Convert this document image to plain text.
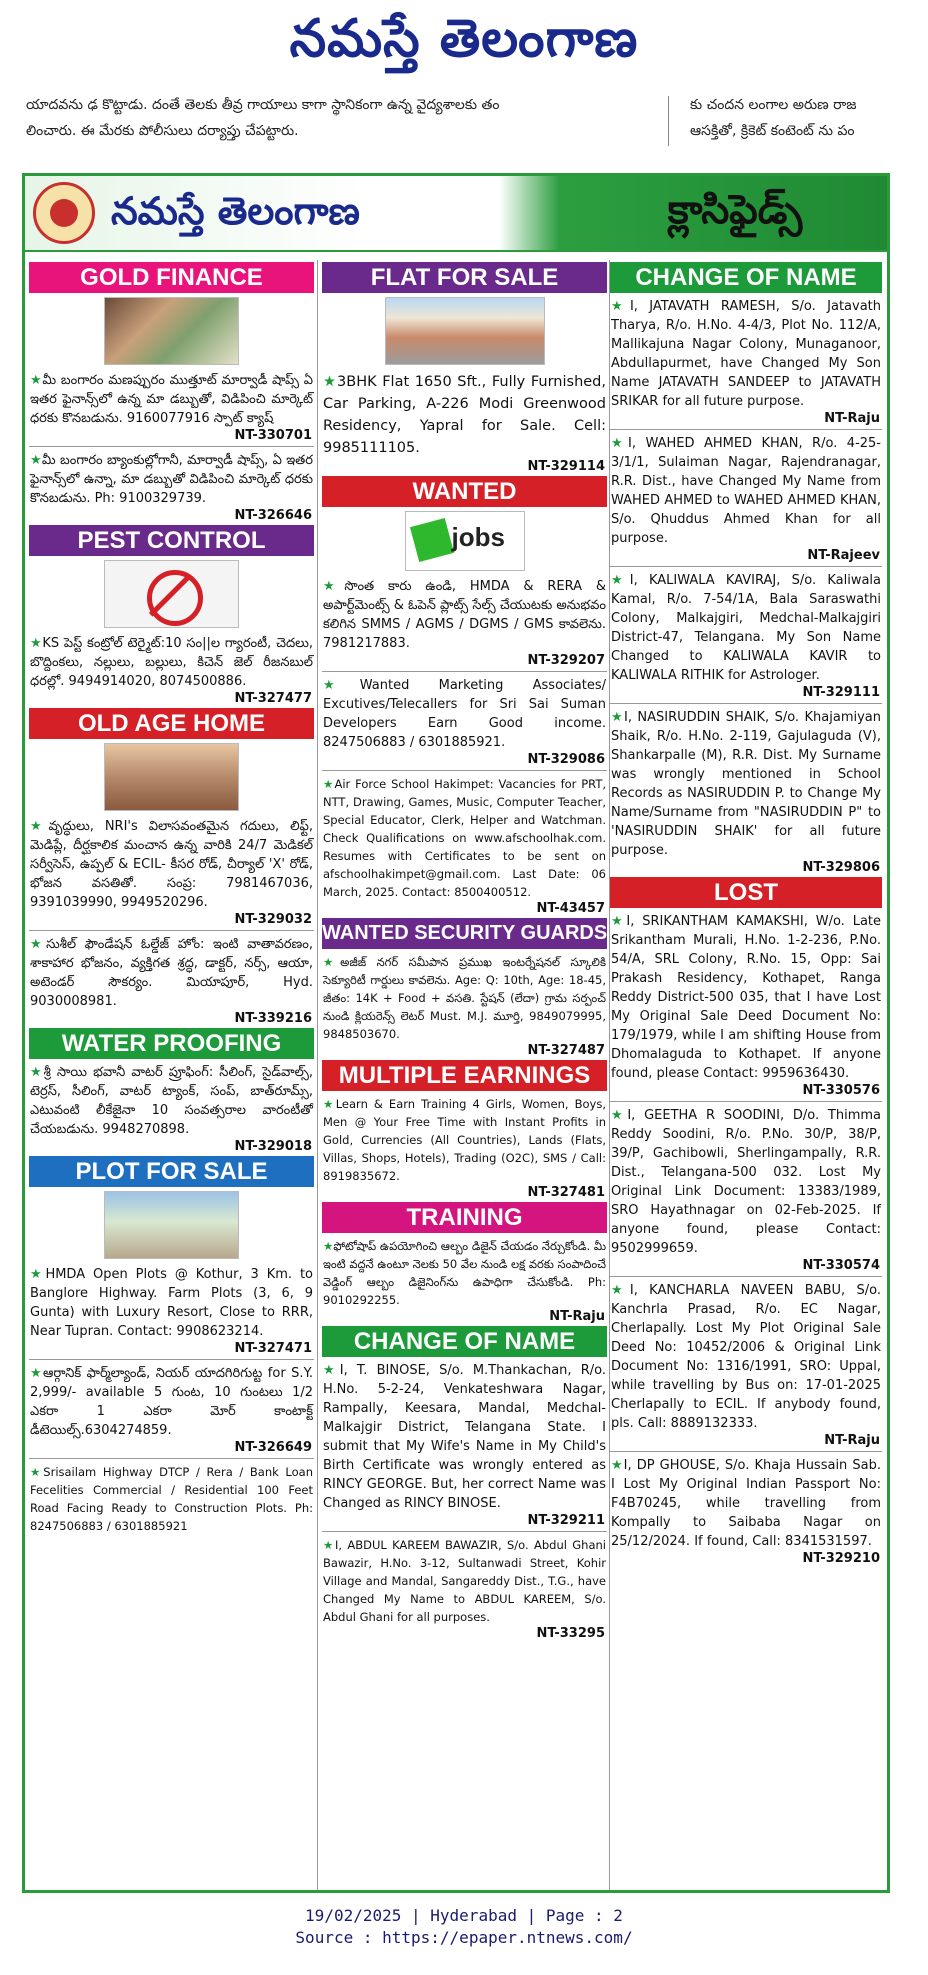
నమస్తే తెలంగాణ
యాదవను ఢ కొట్టాడు. దంతే తెలకు తీవ్ర గాయాలు కాగా స్థానికంగా ఉన్న వైద్యశాలకు తం
లించారు. ఈ మేరకు పోలీసులు దర్యాప్తు చేపట్టారు.
కు చందన లంగాల అరుణ రాజ
ఆసక్తితో, క్రికెట్ కంటెంట్ ను పం
నమస్తే తెలంగాణ	క్లాసిఫైడ్స్
GOLD FINANCE
★మీ బంగారం మణప్పురం ముత్తూట్ మార్వాడీ షాప్స్ ఏ ఇతర ఫైనాన్స్‌లో ఉన్న మా డబ్బుతో, విడిపించి మార్కెట్ ధరకు కొనబడును. 9160077916 స్పాట్ క్యాష్
NT-330701
★మీ బంగారం బ్యాంకుల్లోగానీ, మార్వాడీ షాప్స్, ఏ ఇతర ఫైనాన్స్‌లో ఉన్నా, మా డబ్బుతో విడిపించి మార్కెట్ ధరకు కొనబడును. Ph: 9100329739.
NT-326646
PEST CONTROL
★KS పెస్ట్ కంట్రోల్ టెర్మైట్:10 సం||ల గ్యారంటీ, చెదలు, బొద్దింకలు, నల్లులు, బల్లులు, కిచెన్ జెల్ రీజనబుల్ ధరల్లో. 9494914020, 8074500886.
NT-327477
OLD AGE HOME
★వృద్ధులు, NRI's విలాసవంతమైన గదులు, లిఫ్ట్, మెడిప్లే, దీర్ఘకాలిక మంచాన ఉన్న వారికి 24/7 మెడికల్ సర్వీసెస్, ఉప్పల్ & ECIL- కీసర రోడ్, చీర్యాల్ 'X' రోడ్, భోజన వసతితో. సంప్ర: 7981467036, 9391039990, 9949520296.
NT-329032
★సుశీల్ ఫౌండేషన్ ఓల్డేజ్ హోం: ఇంటి వాతావరణం, శాకాహార భోజనం, వ్యక్తిగత శ్రద్ధ, డాక్టర్, నర్స్, ఆయా, అటెండర్ సౌకర్యం. మియాపూర్, Hyd. 9030008981.
NT-339216
WATER PROOFING
★శ్రీ సాయి భవానీ వాటర్ ప్రూఫింగ్: సీలింగ్, సైడ్‌వాల్స్, టెర్రస్, సీలింగ్, వాటర్ ట్యాంక్, సంప్, బాత్‌రూమ్స్, ఎటువంటి లీకేజైనా 10 సంవత్సరాల వారంటీతో చేయబడును. 9948270898.
NT-329018
PLOT FOR SALE
★HMDA Open Plots @ Kothur, 3 Km. to Banglore Highway. Farm Plots (3, 6, 9 Gunta) with Luxury Resort, Close to RRR, Near Tupran. Contact: 9908623214.
NT-327471
★ఆర్గానిక్ ఫార్మ్‌ల్యాండ్, నియర్ యాదగిరిగుట్ట for S.Y. 2,999/- available 5 గుంట, 10 గుంటలు 1/2 ఎకరా 1 ఎకరా మోర్ కాంటాక్ట్ డీటెయిల్స్.6304274859.
NT-326649
★Srisailam Highway DTCP / Rera / Bank Loan Fecelities Commercial / Residential 100 Feet Road Facing Ready to Construction Plots. Ph: 8247506883 / 6301885921
FLAT FOR SALE
★3BHK Flat 1650 Sft., Fully Furnished, Car Parking, A-226 Modi Greenwood Residency, Yapral for Sale. Cell: 9985111105.
NT-329114
WANTED
jobs
★సొంత కారు ఉండి, HMDA & RERA & అపార్ట్‌మెంట్స్ & ఓపెన్ ప్లాట్స్ సేల్స్ చేయుటకు అనుభవం కలిగిన SMMS / AGMS / DGMS / GMS కావలెను. 7981217883.
NT-329207
★Wanted Marketing Associates/ Excutives/Telecallers for Sri Sai Suman Developers Earn Good income. 8247506883 / 6301885921.
NT-329086
★Air Force School Hakimpet: Vacancies for PRT, NTT, Drawing, Games, Music, Computer Teacher, Special Educator, Clerk, Helper and Watchman. Check Qualifications on www.afschoolhak.com. Resumes with Certificates to be sent on afschoolhakimpet@gmail.com. Last Date: 06 March, 2025. Contact: 8500400512.
NT-43457
WANTED SECURITY GUARDS
★అజీజ్ నగర్ సమీపాన ప్రముఖ ఇంటర్నేషనల్ స్కూలికి సెక్యూరిటీ గార్డులు కావలెను. Age: Q: 10th, Age: 18-45, జీతం: 14K + Food + వసతి. స్టేషన్ (లేదా) గ్రామ సర్పంచ్ నుండి క్లియరెన్స్ లెటర్ Must. M.J. మూర్తి, 9849079995, 9848503670.
NT-327487
MULTIPLE EARNINGS
★Learn & Earn Training 4 Girls, Women, Boys, Men @ Your Free Time with Instant Profits in Gold, Currencies (All Countries), Lands (Flats, Villas, Shops, Hotels), Trading (O2C), SMS / Call: 8919835672.
NT-327481
TRAINING
★ఫోటోషాప్ ఉపయోగించి ఆల్బం డిజైన్ చేయడం నేర్చుకోండి. మీ ఇంటి వద్దనే ఉంటూ నెలకు 50 వేల నుండి లక్ష వరకు సంపాదించే వెడ్డింగ్ ఆల్బం డిజైనింగ్‌ను ఉపాధిగా చేసుకోండి. Ph: 9010292255.
NT-Raju
CHANGE OF NAME
★I, T. BINOSE, S/o. M.Thankachan, R/o. H.No. 5-2-24, Venkateshwara Nagar, Rampally, Keesara, Mandal, Medchal-Malkajgir District, Telangana State. I submit that My Wife's Name in My Child's Birth Certificate was wrongly entered as RINCY GEORGE. But, her correct Name was Changed as RINCY BINOSE.
NT-329211
★I, ABDUL KAREEM BAWAZIR, S/o. Abdul Ghani Bawazir, H.No. 3-12, Sultanwadi Street, Kohir Village and Mandal, Sangareddy Dist., T.G., have Changed My Name to ABDUL KAREEM, S/o. Abdul Ghani for all purposes.
NT-33295
CHANGE OF NAME
★I, JATAVATH RAMESH, S/o. Jatavath Tharya, R/o. H.No. 4-4/3, Plot No. 112/A, Mallikajuna Nagar Colony, Munaganoor, Abdullapurmet, have Changed My Son Name JATAVATH SANDEEP to JATAVATH SRIKAR for all future purpose.
NT-Raju
★I, WAHED AHMED KHAN, R/o. 4-25-3/1/1, Sulaiman Nagar, Rajendranagar, R.R. Dist., have Changed My Name from WAHED AHMED to WAHED AHMED KHAN, S/o. Qhuddus Ahmed Khan for all purpose.
NT-Rajeev
★I, KALIWALA KAVIRAJ, S/o. Kaliwala Kamal, R/o. 7-54/1A, Bala Saraswathi Colony, Malkajgiri, Medchal-Malkajgiri District-47, Telangana. My Son Name Changed to KALIWALA KAVIR to KALIWALA RITHIK for Astrologer.
NT-329111
★I, NASIRUDDIN SHAIK, S/o. Khajamiyan Shaik, R/o. H.No. 2-119, Gajulaguda (V), Shankarpalle (M), R.R. Dist. My Surname was wrongly mentioned in School Records as NASIRUDDIN P. to Change My Name/Surname from "NASIRUDDIN P" to 'NASIRUDDIN SHAIK' for all future purpose.
NT-329806
LOST
★I, SRIKANTHAM KAMAKSHI, W/o. Late Srikantham Murali, H.No. 1-2-236, P.No. 54/A, SRL Colony, R.No. 15, Opp: Sai Prakash Residency, Kothapet, Ranga Reddy District-500 035, that I have Lost My Original Sale Deed Document No: 179/1979, while I am shifting House from Dhomalaguda to Kothapet. If anyone found, please Contact: 9959636430.
NT-330576
★I, GEETHA R SOODINI, D/o. Thimma Reddy Soodini, R/o. P.No. 30/P, 38/P, 39/P, Gachibowli, Sherlingampally, R.R. Dist., Telangana-500 032. Lost My Original Link Document: 13383/1989, SRO Hayathnagar on 02-Feb-2025. If anyone found, please Contact: 9502999659.
NT-330574
★I, KANCHARLA NAVEEN BABU, S/o. Kanchrla Prasad, R/o. EC Nagar, Cherlapally. Lost My Plot Original Sale Deed No: 10452/2006 & Original Link Document No: 1316/1991, SRO: Uppal, while travelling by Bus on: 17-01-2025 Cherlapally to ECIL. If anybody found, pls. Call: 8889132333.
NT-Raju
★I, DP GHOUSE, S/o. Khaja Hussain Sab. I Lost My Original Indian Passport No: F4B70245, while travelling from Kompally to Saibaba Nagar on 25/12/2024. If found, Call: 8341531597.
NT-329210
19/02/2025 | Hyderabad | Page : 2
Source : https://epaper.ntnews.com/
